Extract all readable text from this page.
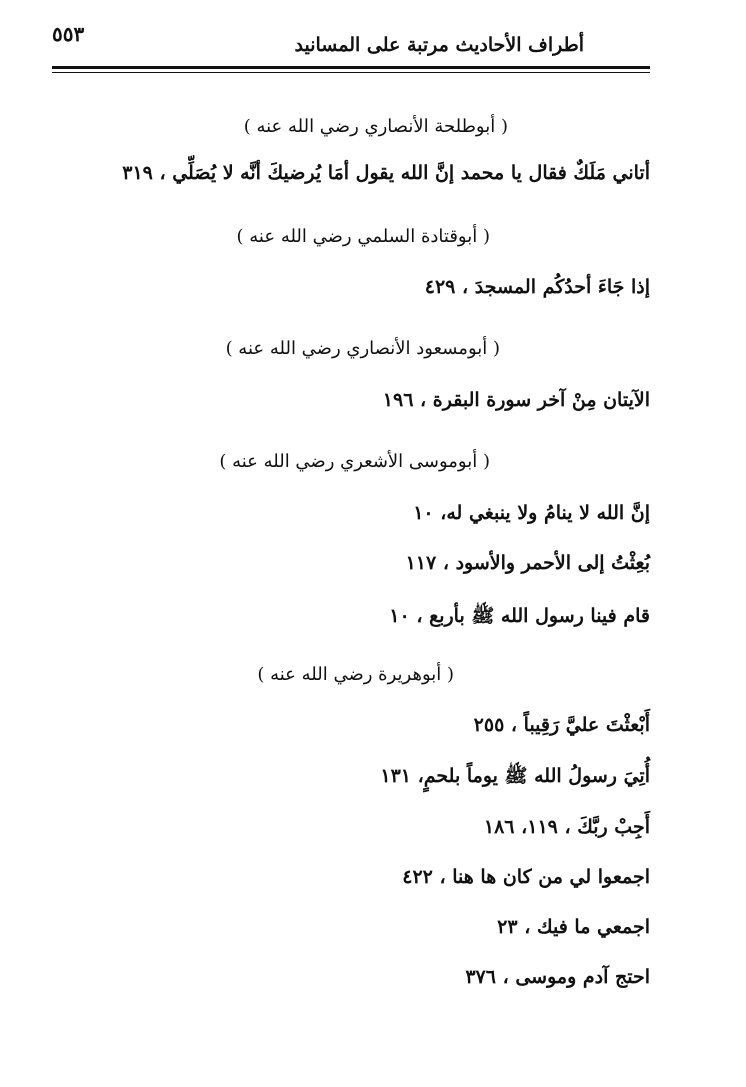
أطراف الأحاديث مرتبة على المسانيد
٥٥٣
( أبوطلحة الأنصاري رضي الله عنه )
أتاني مَلَكٌ فقال يا محمد إنَّ الله يقول أمَا يُرضيكَ أنَّه لا يُصَلِّي ، ٣١٩
( أبوقتادة السلمي رضي الله عنه )
إذا جَاءَ أحدُكُم المسجدَ ، ٤٢٩
( أبومسعود الأنصاري رضي الله عنه )
الآيتان مِنْ آخر سورة البقرة ، ١٩٦
( أبوموسى الأشعري رضي الله عنه )
إنَّ الله لا ينامُ ولا ينبغي له، ١٠
بُعِثْتُ إلى الأحمر والأسود ، ١١٧
قام فينا رسول الله ﷺ بأربع ، ١٠
( أبوهريرة رضي الله عنه )
أَبْعثْتَ عليَّ رَقِيباً ، ٢٥٥
أُتِيَ رسولُ الله ﷺ يوماً بلحمٍ، ١٣١
أَجِبْ ربَّكَ ، ١١٩، ١٨٦
اجمعوا لي من كان ها هنا ، ٤٢٢
اجمعي ما فيك ، ٢٣
احتج آدم وموسى ، ٣٧٦
